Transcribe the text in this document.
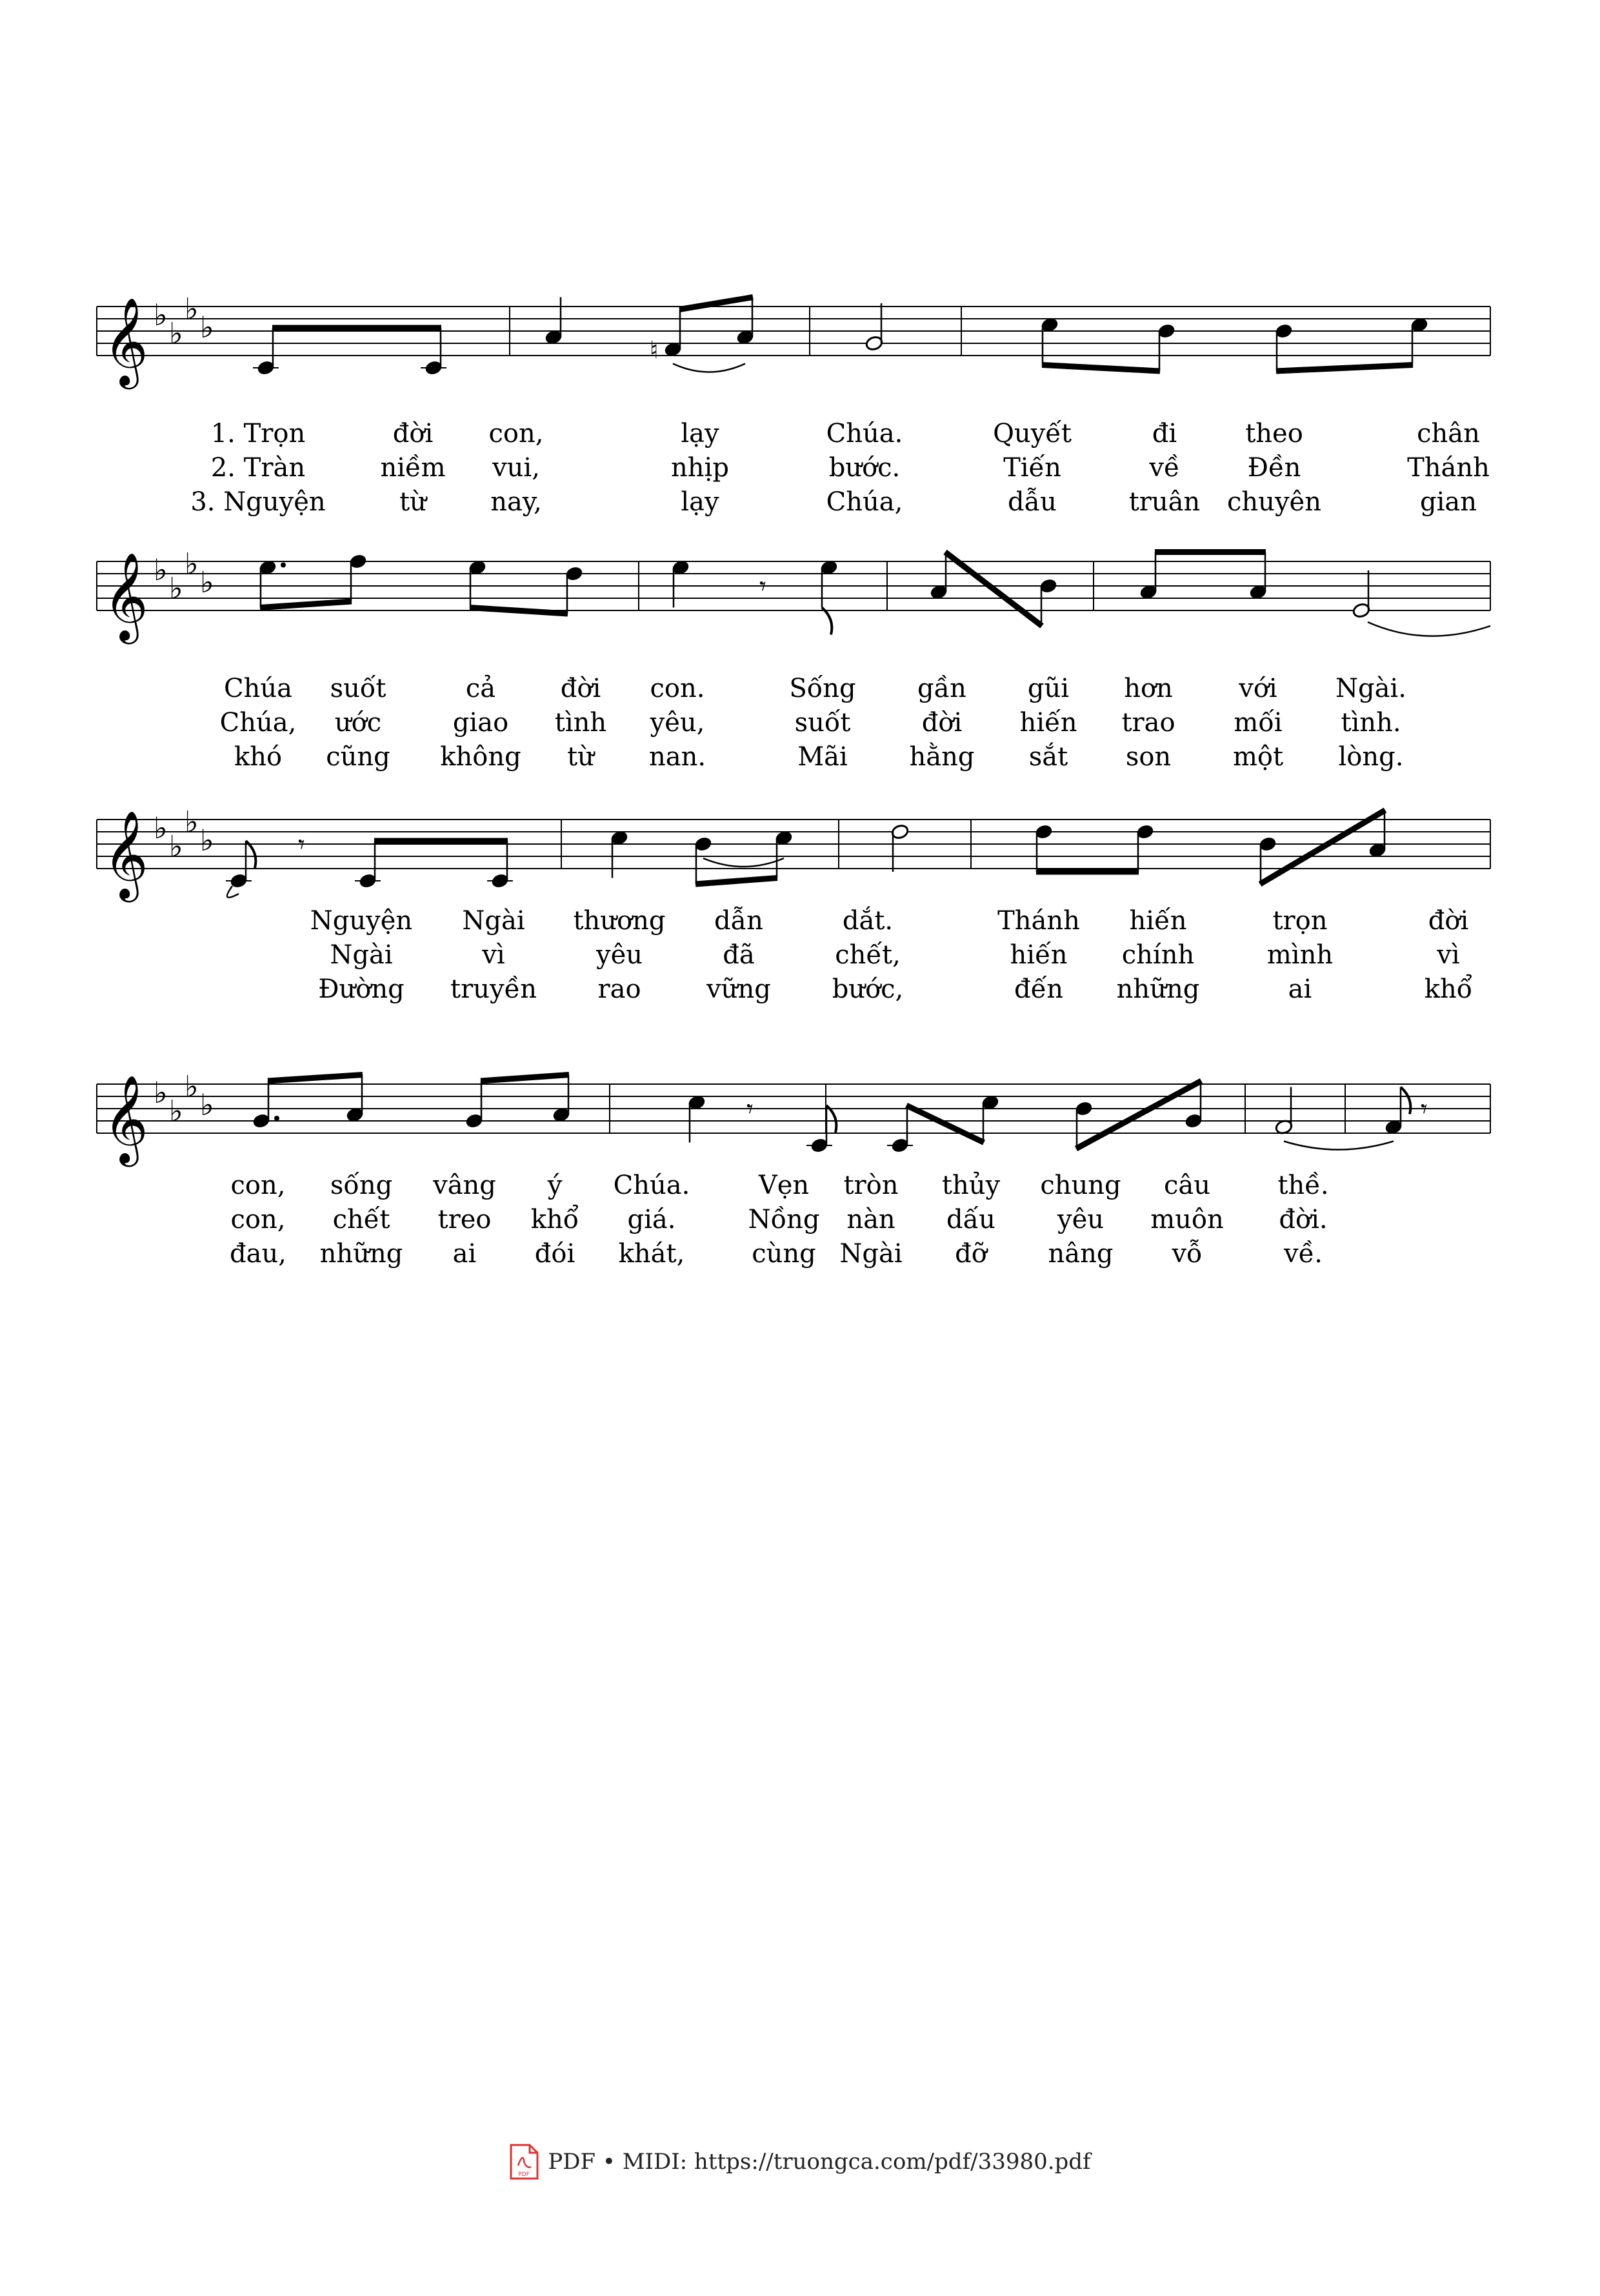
𝄞 ♭
♭
♭
♭
♮
1. Trọn	đời con,	lạy	Chúa.	Quyết	đi	theo	chân
2. Tràn	niềm vui,	nhịp	bước.	Tiến	về	Đền	Thánh
3. Nguyện	từ nay,	lạy	Chúa,	dẫu	truân chuyên	gian
𝄞 ♭
♭
♭
♭	𝄾
Chúa suốt	cả	đời con.	Sống gần gũi hơn	với Ngài.
Chúa, ước	giao tình yêu,	suốt	đời hiến trao mối tình.
khó cũng không từ nan.	Mãi hằng sắt son một lòng.
𝄞 ♭
♭
♭
♭	𝄾
Nguyện Ngài thương dẫn	dắt.	Thánh hiến	trọn	đời
Ngài	vì	yêu	đã	chết,	hiến chính	mình	vì
Đường truyền rao	vững bước,	đến những	ai	khổ
𝄞 ♭
♭
♭
♭	𝄾	𝄾
con, sống vâng ý Chúa.	Vẹn tròn thủy chung câu	thề.
con, chết treo khổ giá.	Nồng nàn dấu yêu muôn đời.
đau, những ai đói khát,	cùng Ngài đỡ nâng vỗ	về.
PDF PDF • MIDI: https://truongca.com/pdf/33980.pdf
